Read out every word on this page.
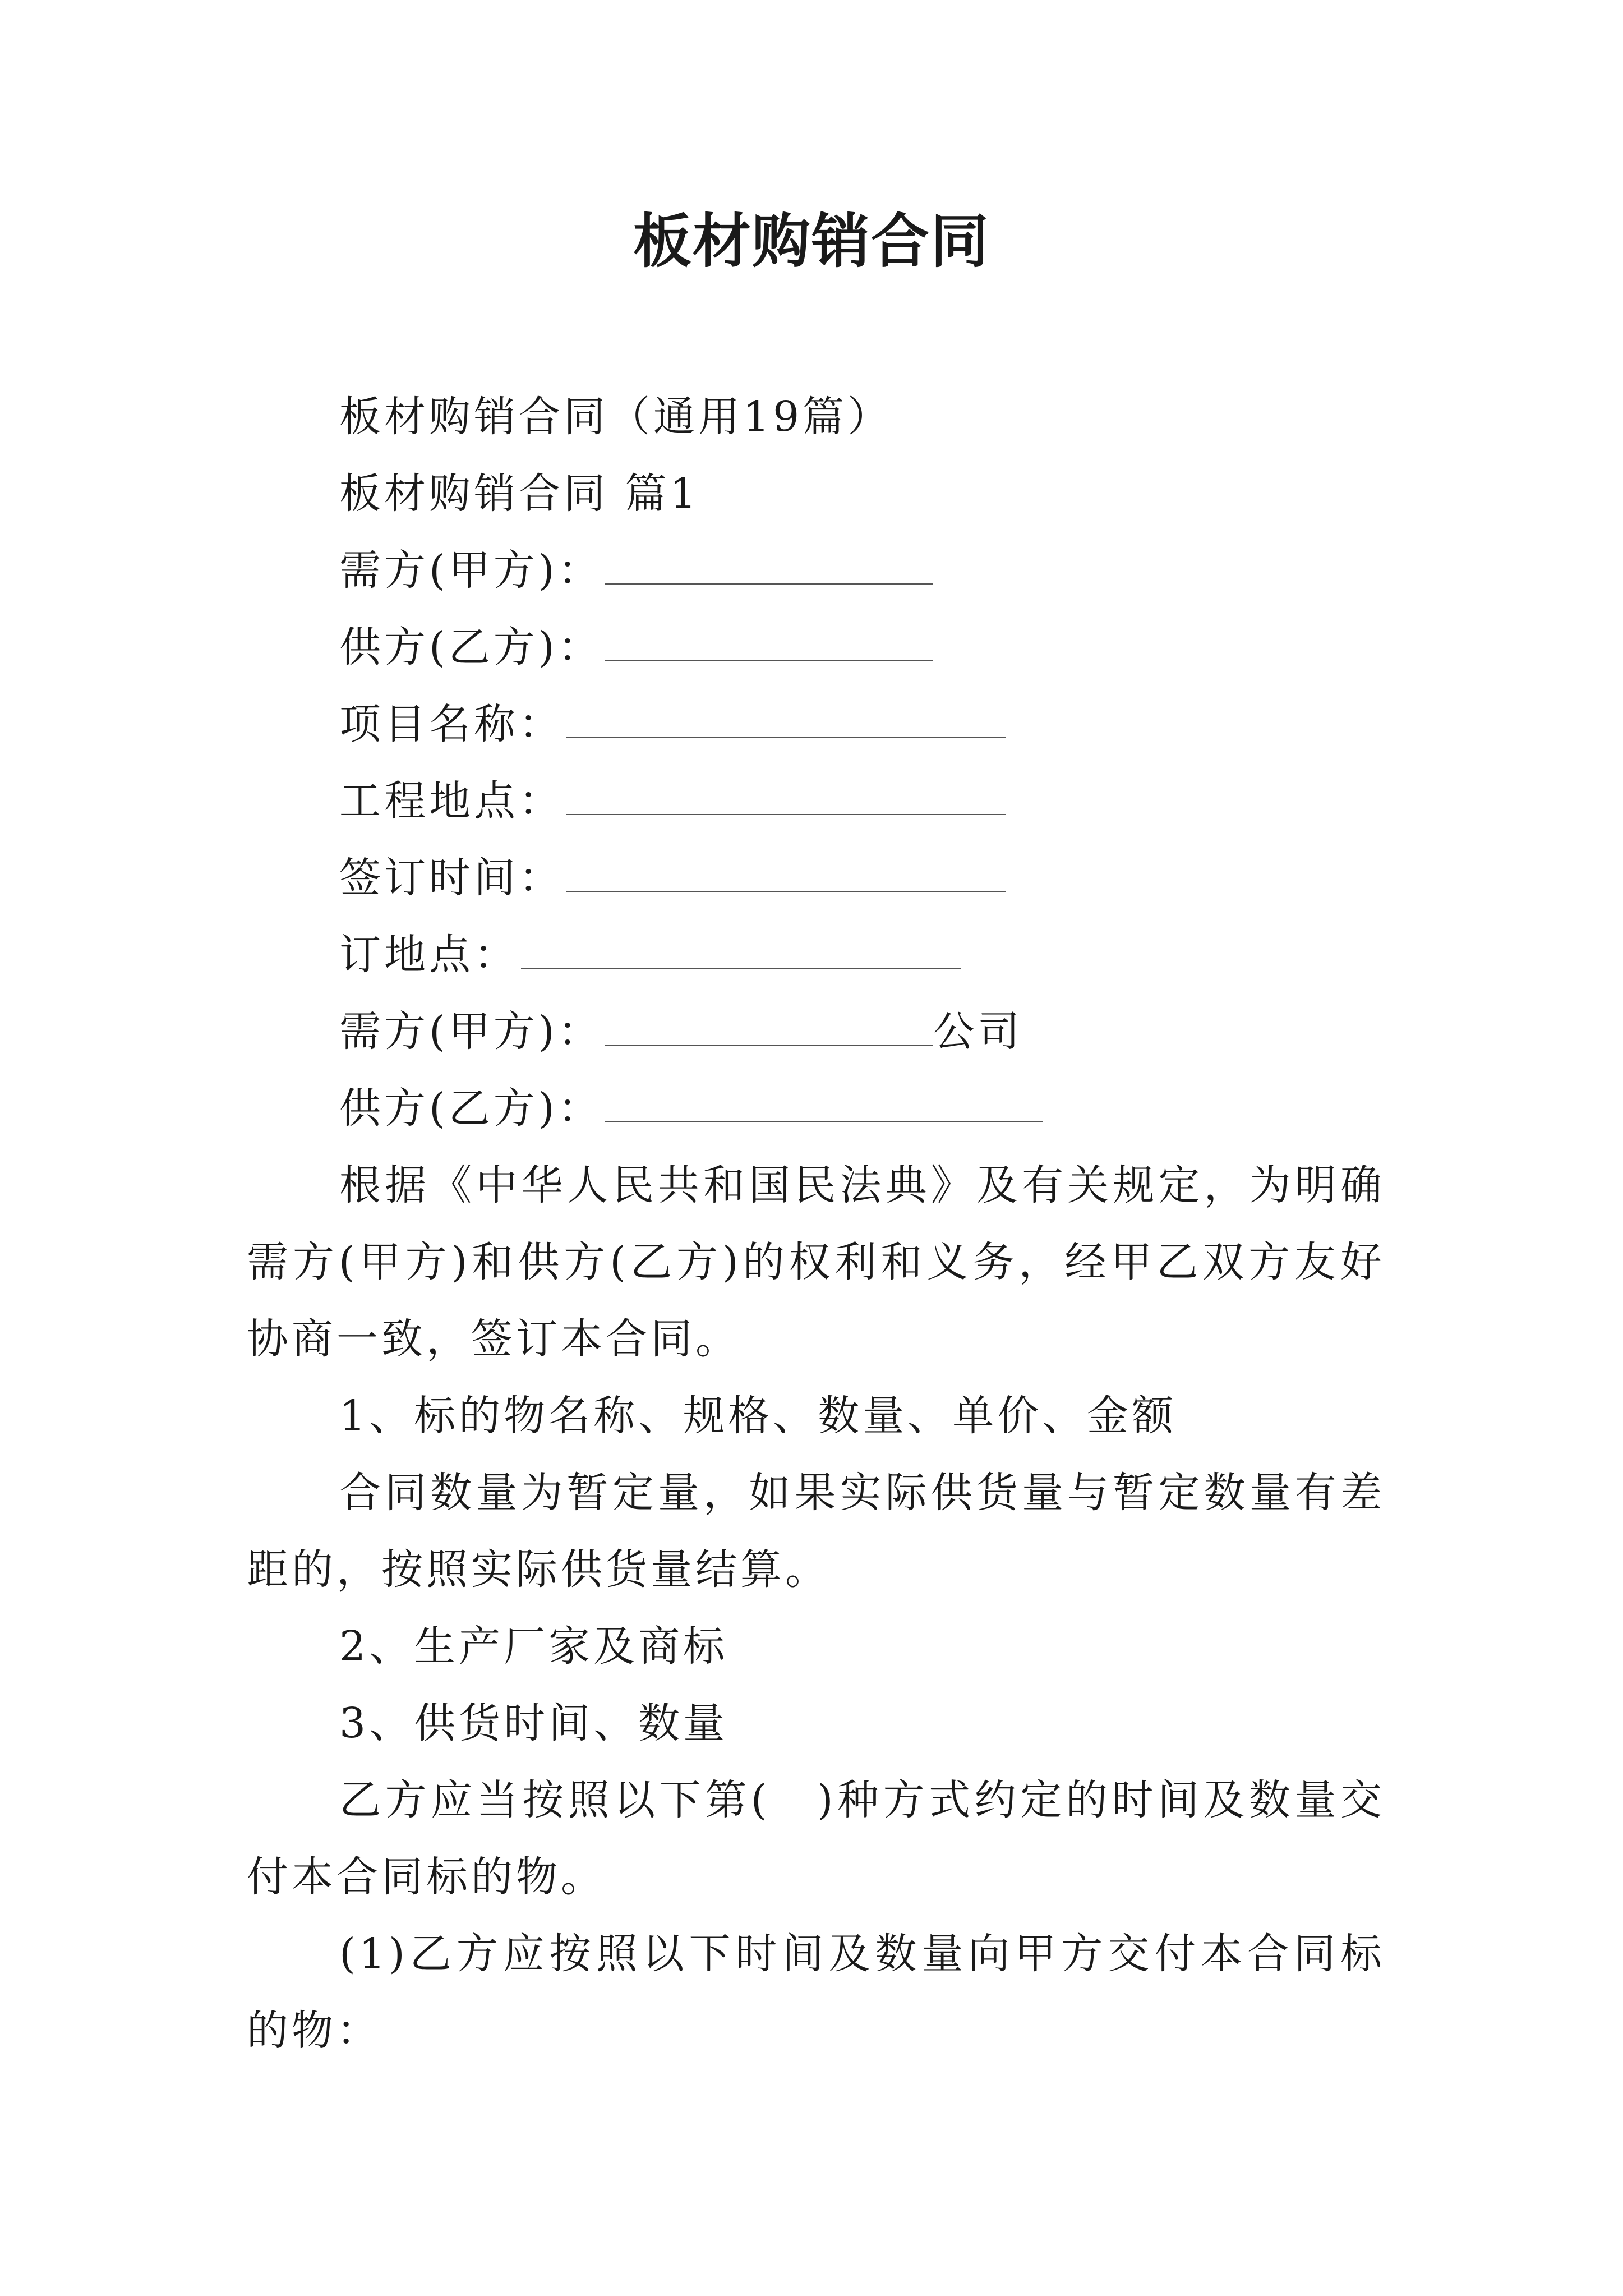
板材购销合同

板材购销合同（通用19篇）

板材购销合同 篇1

需方(甲方)：

供方(乙方)：

项目名称：

工程地点：

签订时间：

订地点：

需方(甲方)：	公司

供方(乙方)：

根据《中华人民共和国民法典》及有关规定，为明确需方(甲方)和供方(乙方)的权利和义务，经甲乙双方友好协商一致，签订本合同。

1、标的物名称、规格、数量、单价、金额

合同数量为暂定量，如果实际供货量与暂定数量有差距的，按照实际供货量结算。

2、生产厂家及商标

3、供货时间、数量

乙方应当按照以下第(　)种方式约定的时间及数量交付本合同标的物。

(1)乙方应按照以下时间及数量向甲方交付本合同标的物：
